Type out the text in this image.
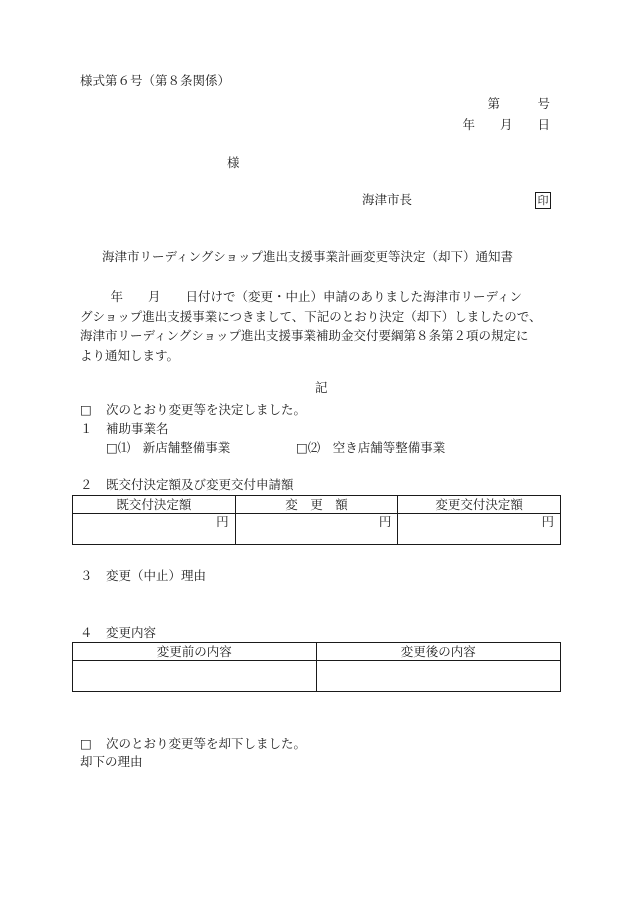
様式第６号（第８条関係）
第　　　号
年　　月　　日
様
海津市長	印
海津市リーディングショップ進出支援事業計画変更等決定（却下）通知書
　年　　月　　日付けで（変更・中止）申請のありました海津市リーディン
グショップ進出支援事業につきまして、下記のとおり決定（却下）しましたので、
海津市リーディングショップ進出支援事業補助金交付要綱第８条第２項の規定に
より通知します。
記
□ 次のとおり変更等を決定しました。
１ 補助事業名
□⑴　新店舗整備事業	□⑵　空き店舗等整備事業
２ 既交付決定額及び変更交付申請額
既交付決定額	変　更　額	変更交付決定額
円	円	円
３ 変更（中止）理由
４ 変更内容
変更前の内容	変更後の内容

□ 次のとおり変更等を却下しました。
却下の理由
